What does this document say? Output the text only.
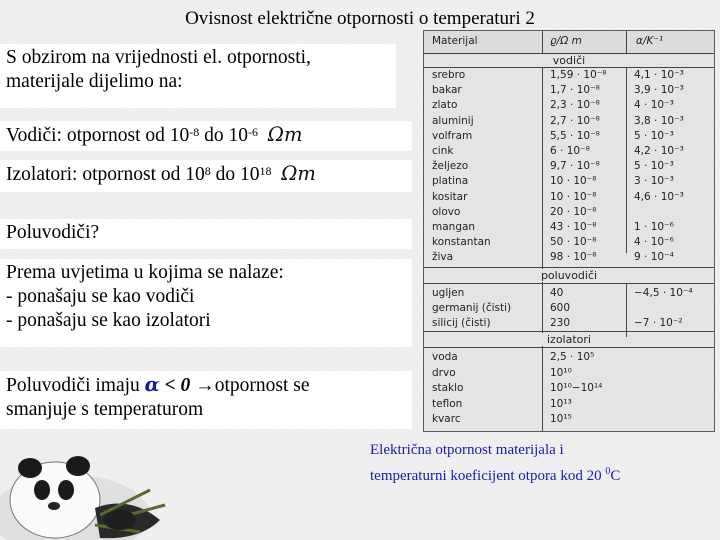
Ovisnost električne otpornosti o temperaturi 2
S obzirom na vrijednosti el. otpornosti,
materijale dijelimo na:
Vodiči: otpornost od $10^{-8}$ do $10^{-6}$ Ωm
Izolatori: otpornost od $10^8$ do $10^{18}$ Ωm
Poluvodiči?
Prema uvjetima u kojima se nalaze:
- ponašaju se kao vodiči
- ponašaju se kao izolatori
Poluvodiči imaju α < 0 →otpornost se
smanjuje s temperaturom
Materijal	ϱ/Ω m	α/K⁻¹
vodiči
srebro	1,59 · 10⁻⁸	4,1 · 10⁻³
bakar	1,7 · 10⁻⁸	3,9 · 10⁻³
zlato	2,3 · 10⁻⁸	4 · 10⁻³
aluminij	2,7 · 10⁻⁸	3,8 · 10⁻³
volfram	5,5 · 10⁻⁸	5 · 10⁻³
cink	6 · 10⁻⁸	4,2 · 10⁻³
željezo	9,7 · 10⁻⁸	5 · 10⁻³
platina	10 · 10⁻⁸	3 · 10⁻³
kositar	10 · 10⁻⁸	4,6 · 10⁻³
olovo	20 · 10⁻⁸
mangan	43 · 10⁻⁸	1 · 10⁻⁶
konstantan	50 · 10⁻⁸	4 · 10⁻⁶
živa	98 · 10⁻⁸	9 · 10⁻⁴
poluvodiči
ugljen	40	−4,5 · 10⁻⁴
germanij (čisti)	600
silicij (čisti)	230	−7 · 10⁻²
izolatori
voda	2,5 · 10⁵
drvo	10¹⁰
staklo	10¹⁰−10¹⁴
teflon	10¹³
kvarc	10¹⁵
Električna otpornost materijala i
temperaturni koeficijent otpora kod 20 $^0$C
